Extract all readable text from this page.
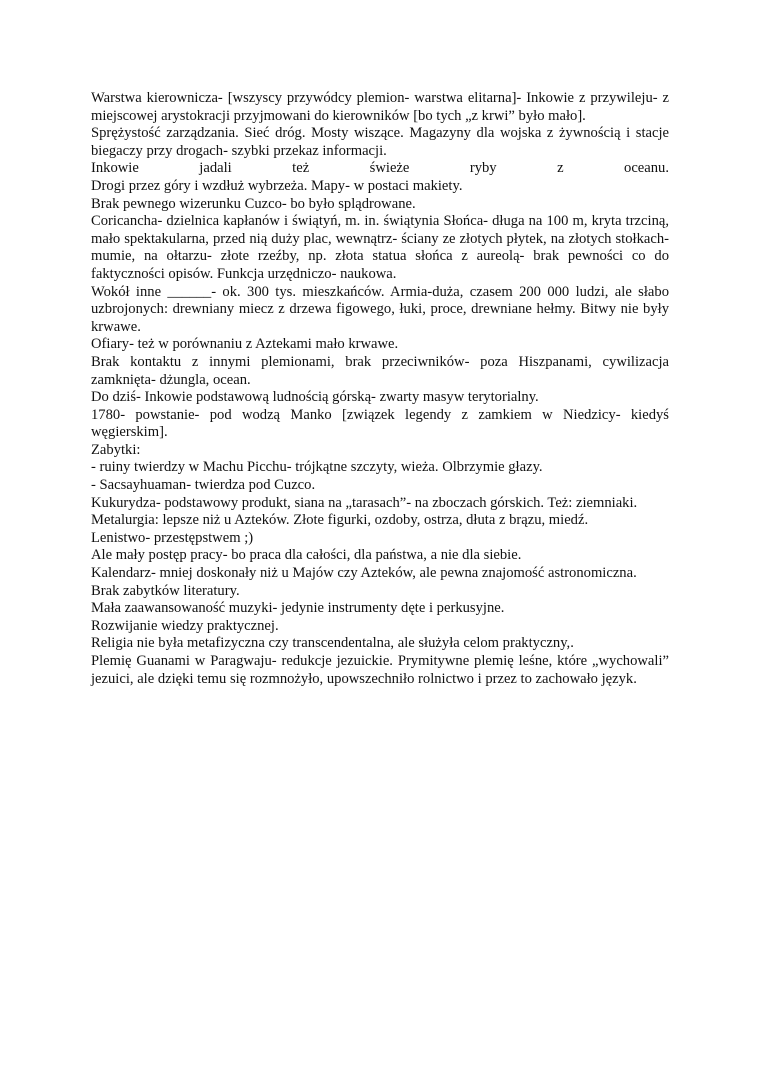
Warstwa kierownicza- [wszyscy przywódcy plemion- warstwa elitarna]- Inkowie z przywileju- z miejscowej arystokracji przyjmowani do kierowników [bo tych „z krwi” było mało].

Sprężystość zarządzania. Sieć dróg. Mosty wiszące. Magazyny dla wojska z żywnością i stacje biegaczy przy drogach- szybki przekaz informacji.

Inkowie jadali też świeże ryby z oceanu.

Drogi przez góry i wzdłuż wybrzeża. Mapy- w postaci makiety.

Brak pewnego wizerunku Cuzco- bo było splądrowane.

Coricancha- dzielnica kapłanów i świątyń, m. in. świątynia Słońca- długa na 100 m, kryta trzciną, mało spektakularna, przed nią duży plac, wewnątrz- ściany ze złotych płytek, na złotych stołkach- mumie, na ołtarzu- złote rzeźby, np. złota statua słońca z aureolą- brak pewności co do faktyczności opisów. Funkcja urzędniczo- naukowa.

Wokół inne ______- ok. 300 tys. mieszkańców. Armia-duża, czasem 200 000 ludzi, ale słabo uzbrojonych: drewniany miecz z drzewa figowego, łuki, proce, drewniane hełmy. Bitwy nie były krwawe.

Ofiary- też w porównaniu z Aztekami mało krwawe.

Brak kontaktu z innymi plemionami, brak przeciwników- poza Hiszpanami, cywilizacja zamknięta- dżungla, ocean.

Do dziś- Inkowie podstawową ludnością górską- zwarty masyw terytorialny.

1780- powstanie- pod wodzą Manko [związek legendy z zamkiem w Niedzicy- kiedyś węgierskim].

Zabytki:

- ruiny twierdzy w Machu Picchu- trójkątne szczyty, wieża. Olbrzymie głazy.

- Sacsayhuaman- twierdza pod Cuzco.

Kukurydza- podstawowy produkt, siana na „tarasach”- na zboczach górskich. Też: ziemniaki.

Metalurgia: lepsze niż u Azteków. Złote figurki, ozdoby, ostrza, dłuta z brązu, miedź.

Lenistwo- przestępstwem ;)

Ale mały postęp pracy- bo praca dla całości, dla państwa, a nie dla siebie.

Kalendarz- mniej doskonały niż u Majów czy Azteków, ale pewna znajomość astronomiczna.

Brak zabytków literatury.

Mała zaawansowaność muzyki- jedynie instrumenty dęte i perkusyjne.

Rozwijanie wiedzy praktycznej.

Religia nie była metafizyczna czy transcendentalna, ale służyła celom praktyczny,.

Plemię Guanami w Paragwaju- redukcje jezuickie. Prymitywne plemię leśne, które „wychowali” jezuici, ale dzięki temu się rozmnożyło, upowszechniło rolnictwo i przez to zachowało język.
